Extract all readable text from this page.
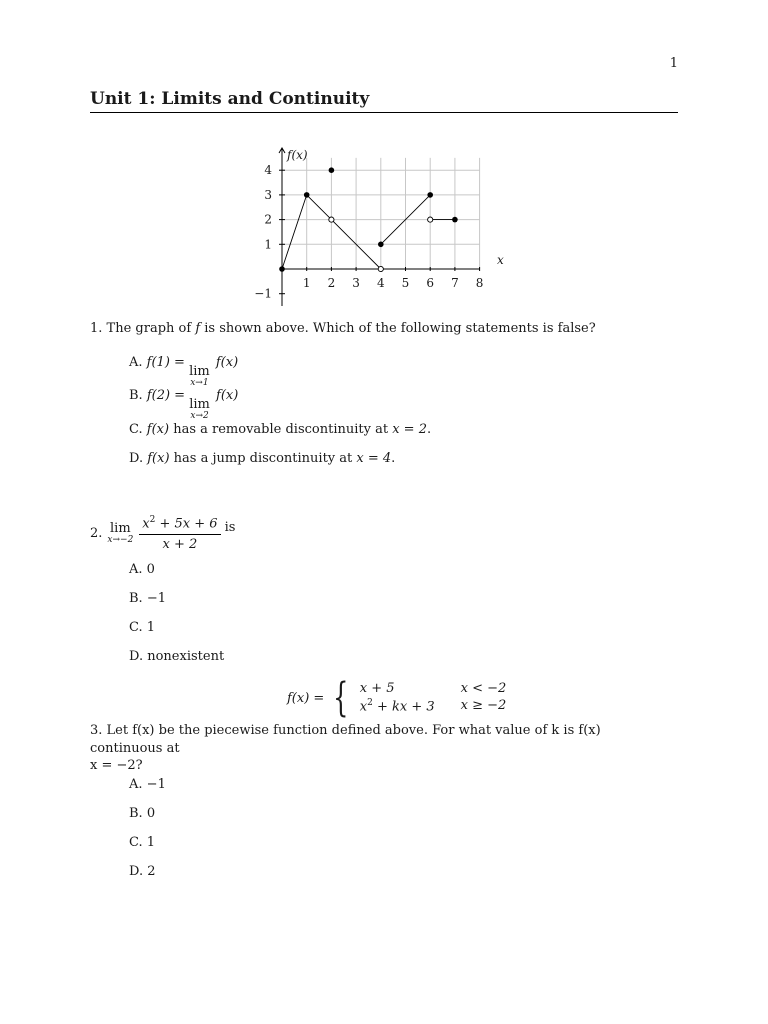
1
Unit 1: Limits and Continuity
1 2 3 4 5 6 7 8
4
3
2
1
−1
f(x)
x
1. The graph of f is shown above. Which of the following statements is false?
A. f(1) =
lim
x→1
f(x)
B. f(2) =
lim
x→2
f(x)
C. f(x) has a removable discontinuity at x = 2.
D. f(x) has a jump discontinuity at x = 4.
2. lim
$x\to-2 \frac{x^2 + 5x + 6}{x + 2}$ is
A. 0
B. −1
C. 1
D. nonexistent
f(x) = { x + 5	x < −2
$x^2$ + kx + 3 x ≥ −2
3. Let f(x) be the piecewise function defined above. For what value of k is f(x) continuous at
x = −2?
A. −1
B. 0
C. 1
D. 2
